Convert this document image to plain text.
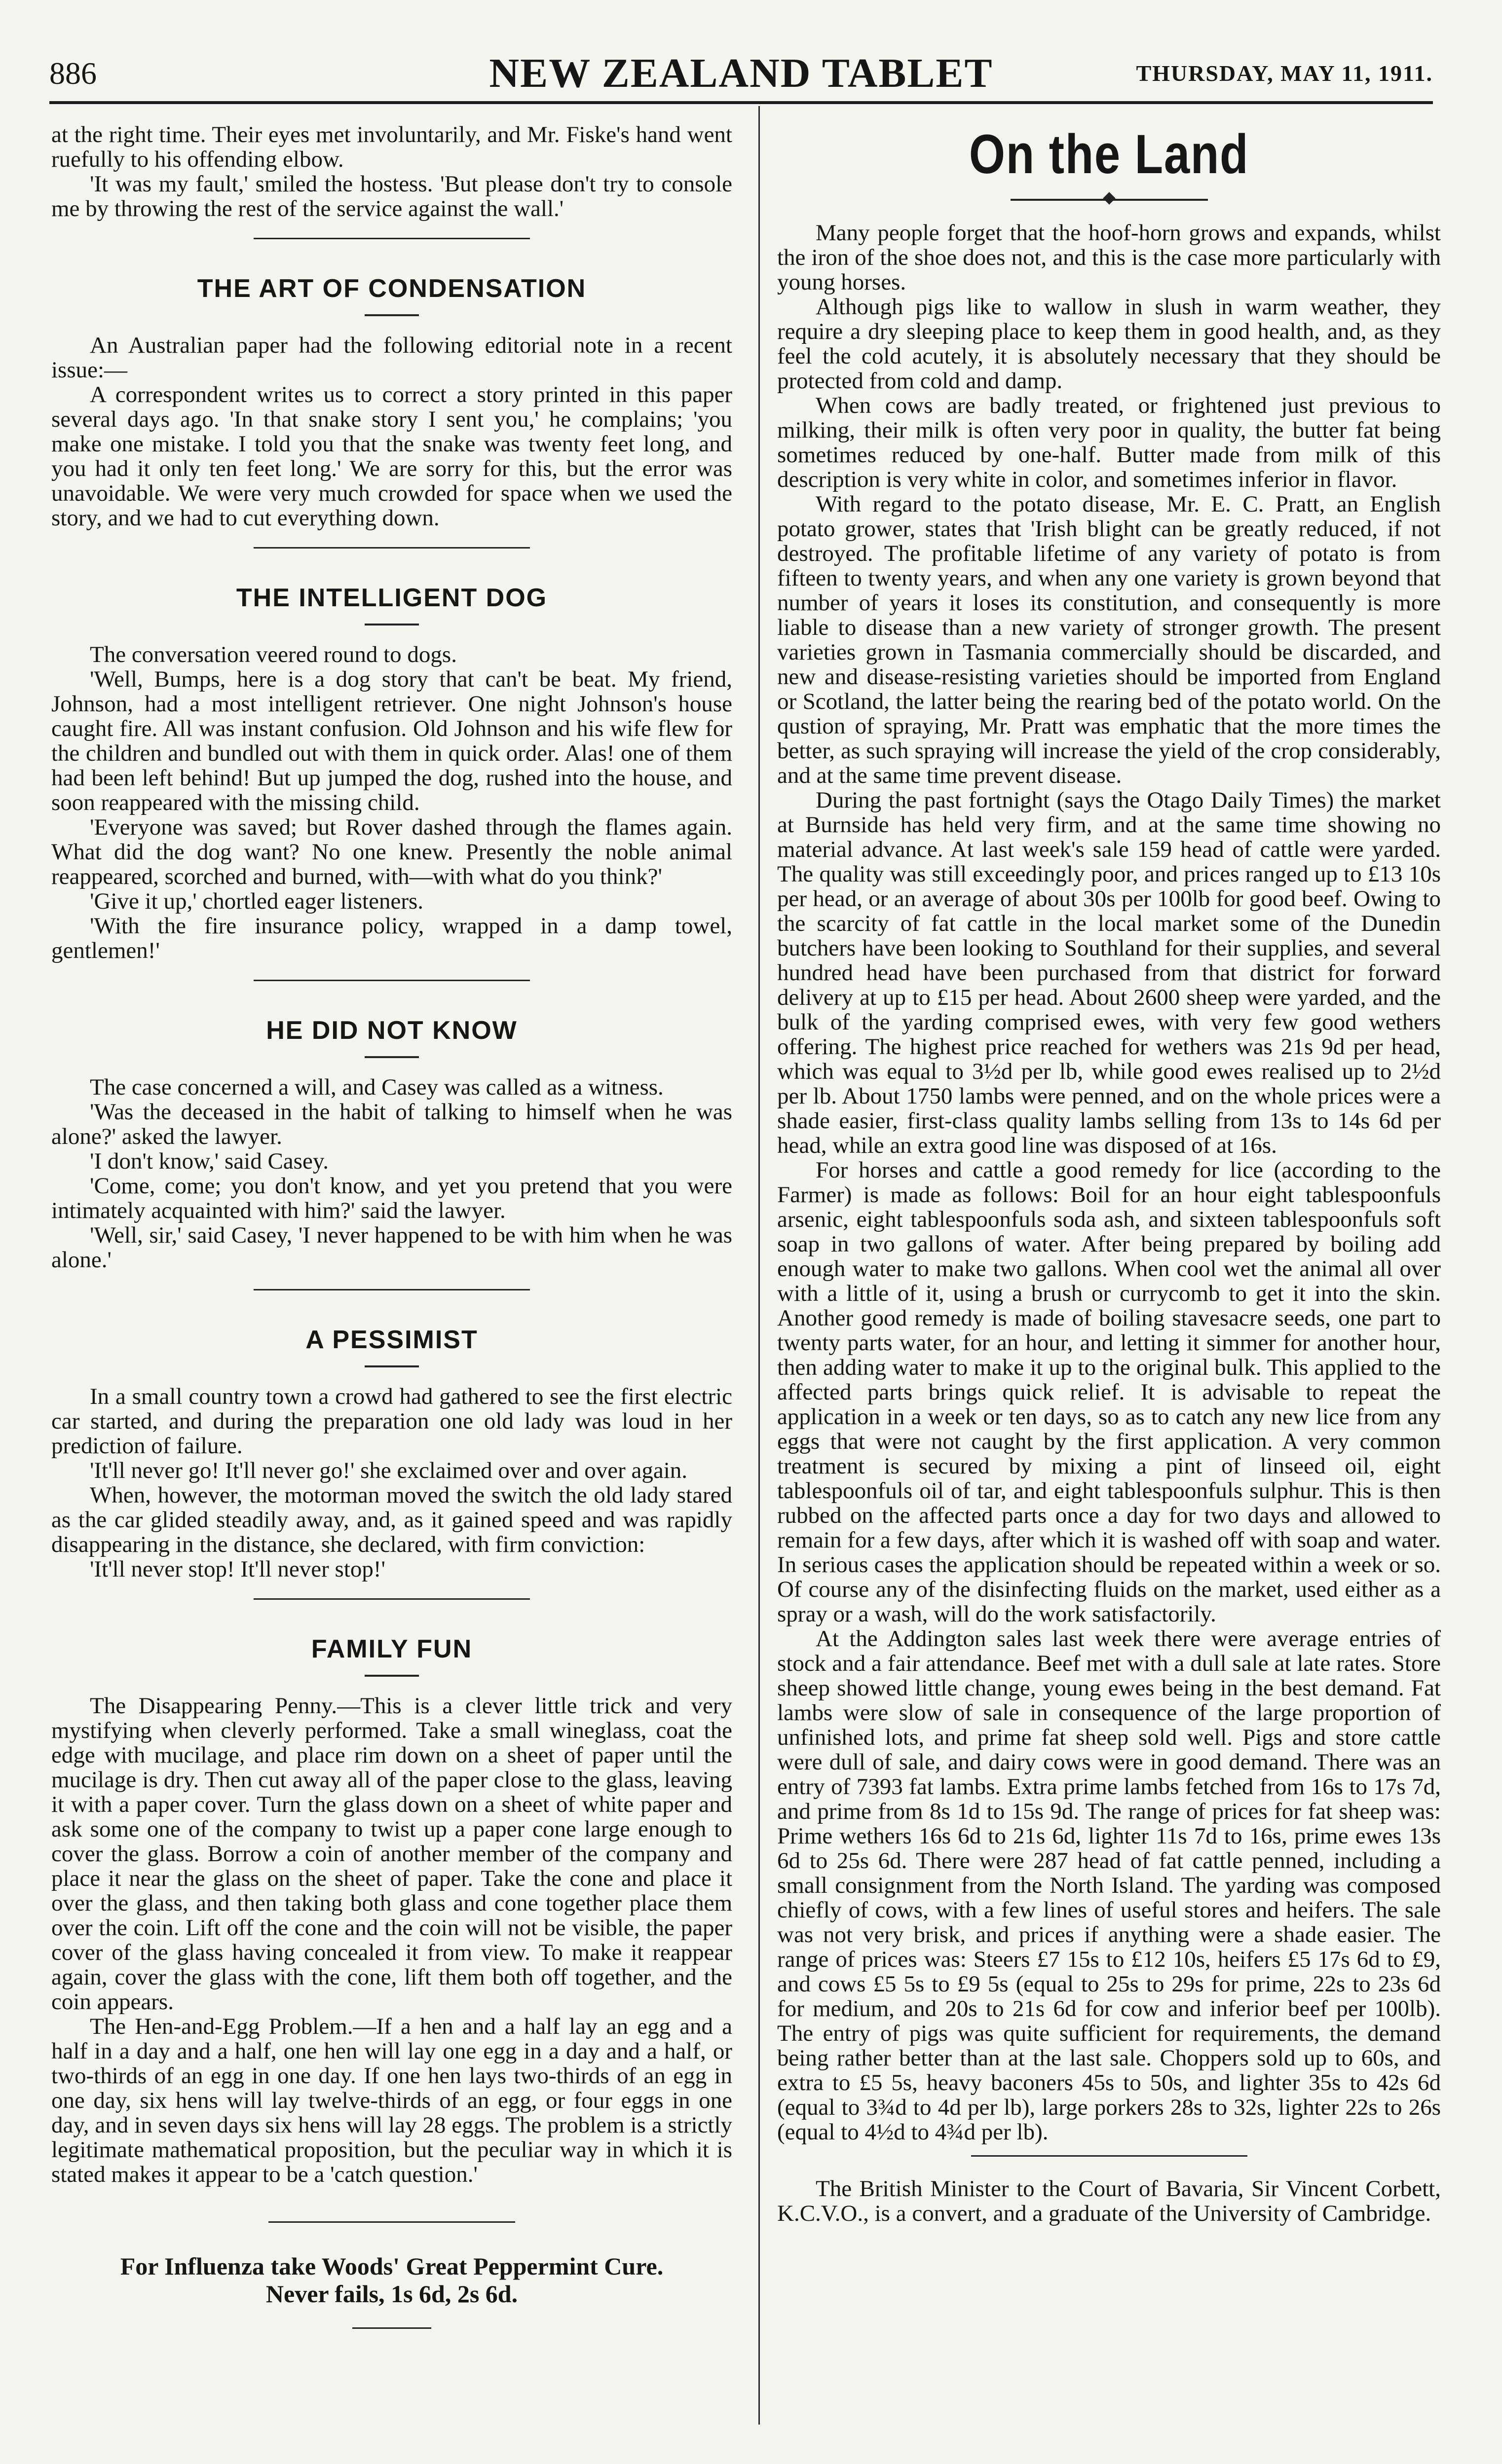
886	NEW ZEALAND TABLET	THURSDAY, MAY 11, 1911.

at the right time. Their eyes met involuntarily, and Mr. Fiske's hand went ruefully to his offending elbow.

'It was my fault,' smiled the hostess. 'But please don't try to console me by throwing the rest of the service against the wall.'

THE ART OF CONDENSATION

An Australian paper had the following editorial note in a recent issue:—

A correspondent writes us to correct a story printed in this paper several days ago. 'In that snake story I sent you,' he complains; 'you make one mistake. I told you that the snake was twenty feet long, and you had it only ten feet long.' We are sorry for this, but the error was unavoidable. We were very much crowded for space when we used the story, and we had to cut everything down.

THE INTELLIGENT DOG

The conversation veered round to dogs.

'Well, Bumps, here is a dog story that can't be beat. My friend, Johnson, had a most intelligent retriever. One night Johnson's house caught fire. All was instant confusion. Old Johnson and his wife flew for the children and bundled out with them in quick order. Alas! one of them had been left behind! But up jumped the dog, rushed into the house, and soon reappeared with the missing child.

'Everyone was saved; but Rover dashed through the flames again. What did the dog want? No one knew. Presently the noble animal reappeared, scorched and burned, with—with what do you think?'

'Give it up,' chortled eager listeners.

'With the fire insurance policy, wrapped in a damp towel, gentlemen!'

HE DID NOT KNOW

The case concerned a will, and Casey was called as a witness.

'Was the deceased in the habit of talking to himself when he was alone?' asked the lawyer.

'I don't know,' said Casey.

'Come, come; you don't know, and yet you pretend that you were intimately acquainted with him?' said the lawyer.

'Well, sir,' said Casey, 'I never happened to be with him when he was alone.'

A PESSIMIST

In a small country town a crowd had gathered to see the first electric car started, and during the preparation one old lady was loud in her prediction of failure.

'It'll never go! It'll never go!' she exclaimed over and over again.

When, however, the motorman moved the switch the old lady stared as the car glided steadily away, and, as it gained speed and was rapidly disappearing in the distance, she declared, with firm conviction:

'It'll never stop! It'll never stop!'

FAMILY FUN

The Disappearing Penny.—This is a clever little trick and very mystifying when cleverly performed. Take a small wineglass, coat the edge with mucilage, and place rim down on a sheet of paper until the mucilage is dry. Then cut away all of the paper close to the glass, leaving it with a paper cover. Turn the glass down on a sheet of white paper and ask some one of the company to twist up a paper cone large enough to cover the glass. Borrow a coin of another member of the company and place it near the glass on the sheet of paper. Take the cone and place it over the glass, and then taking both glass and cone together place them over the coin. Lift off the cone and the coin will not be visible, the paper cover of the glass having concealed it from view. To make it reappear again, cover the glass with the cone, lift them both off together, and the coin appears.

The Hen-and-Egg Problem.—If a hen and a half lay an egg and a half in a day and a half, one hen will lay one egg in a day and a half, or two-thirds of an egg in one day. If one hen lays two-thirds of an egg in one day, six hens will lay twelve-thirds of an egg, or four eggs in one day, and in seven days six hens will lay 28 eggs. The problem is a strictly legitimate mathematical proposition, but the peculiar way in which it is stated makes it appear to be a 'catch question.'

For Influenza take Woods' Great Peppermint Cure.
Never fails, 1s 6d, 2s 6d.
On the Land

Many people forget that the hoof-horn grows and expands, whilst the iron of the shoe does not, and this is the case more particularly with young horses.

Although pigs like to wallow in slush in warm weather, they require a dry sleeping place to keep them in good health, and, as they feel the cold acutely, it is absolutely necessary that they should be protected from cold and damp.

When cows are badly treated, or frightened just previous to milking, their milk is often very poor in quality, the butter fat being sometimes reduced by one-half. Butter made from milk of this description is very white in color, and sometimes inferior in flavor.

With regard to the potato disease, Mr. E. C. Pratt, an English potato grower, states that 'Irish blight can be greatly reduced, if not destroyed. The profitable lifetime of any variety of potato is from fifteen to twenty years, and when any one variety is grown beyond that number of years it loses its constitution, and consequently is more liable to disease than a new variety of stronger growth. The present varieties grown in Tasmania commercially should be discarded, and new and disease-resisting varieties should be imported from England or Scotland, the latter being the rearing bed of the potato world. On the qustion of spraying, Mr. Pratt was emphatic that the more times the better, as such spraying will increase the yield of the crop considerably, and at the same time prevent disease.

During the past fortnight (says the Otago Daily Times) the market at Burnside has held very firm, and at the same time showing no material advance. At last week's sale 159 head of cattle were yarded. The quality was still exceedingly poor, and prices ranged up to £13 10s per head, or an average of about 30s per 100lb for good beef. Owing to the scarcity of fat cattle in the local market some of the Dunedin butchers have been looking to Southland for their supplies, and several hundred head have been purchased from that district for forward delivery at up to £15 per head. About 2600 sheep were yarded, and the bulk of the yarding comprised ewes, with very few good wethers offering. The highest price reached for wethers was 21s 9d per head, which was equal to 3½d per lb, while good ewes realised up to 2½d per lb. About 1750 lambs were penned, and on the whole prices were a shade easier, first-class quality lambs selling from 13s to 14s 6d per head, while an extra good line was disposed of at 16s.

For horses and cattle a good remedy for lice (according to the Farmer) is made as follows: Boil for an hour eight tablespoonfuls arsenic, eight tablespoonfuls soda ash, and sixteen tablespoonfuls soft soap in two gallons of water. After being prepared by boiling add enough water to make two gallons. When cool wet the animal all over with a little of it, using a brush or currycomb to get it into the skin. Another good remedy is made of boiling stavesacre seeds, one part to twenty parts water, for an hour, and letting it simmer for another hour, then adding water to make it up to the original bulk. This applied to the affected parts brings quick relief. It is advisable to repeat the application in a week or ten days, so as to catch any new lice from any eggs that were not caught by the first application. A very common treatment is secured by mixing a pint of linseed oil, eight tablespoonfuls oil of tar, and eight tablespoonfuls sulphur. This is then rubbed on the affected parts once a day for two days and allowed to remain for a few days, after which it is washed off with soap and water. In serious cases the application should be repeated within a week or so. Of course any of the disinfecting fluids on the market, used either as a spray or a wash, will do the work satisfactorily.

At the Addington sales last week there were average entries of stock and a fair attendance. Beef met with a dull sale at late rates. Store sheep showed little change, young ewes being in the best demand. Fat lambs were slow of sale in consequence of the large proportion of unfinished lots, and prime fat sheep sold well. Pigs and store cattle were dull of sale, and dairy cows were in good demand. There was an entry of 7393 fat lambs. Extra prime lambs fetched from 16s to 17s 7d, and prime from 8s 1d to 15s 9d. The range of prices for fat sheep was: Prime wethers 16s 6d to 21s 6d, lighter 11s 7d to 16s, prime ewes 13s 6d to 25s 6d. There were 287 head of fat cattle penned, including a small consignment from the North Island. The yarding was composed chiefly of cows, with a few lines of useful stores and heifers. The sale was not very brisk, and prices if anything were a shade easier. The range of prices was: Steers £7 15s to £12 10s, heifers £5 17s 6d to £9, and cows £5 5s to £9 5s (equal to 25s to 29s for prime, 22s to 23s 6d for medium, and 20s to 21s 6d for cow and inferior beef per 100lb). The entry of pigs was quite sufficient for requirements, the demand being rather better than at the last sale. Choppers sold up to 60s, and extra to £5 5s, heavy baconers 45s to 50s, and lighter 35s to 42s 6d (equal to 3¾d to 4d per lb), large porkers 28s to 32s, lighter 22s to 26s (equal to 4½d to 4¾d per lb).

The British Minister to the Court of Bavaria, Sir Vincent Corbett, K.C.V.O., is a convert, and a graduate of the University of Cambridge.
